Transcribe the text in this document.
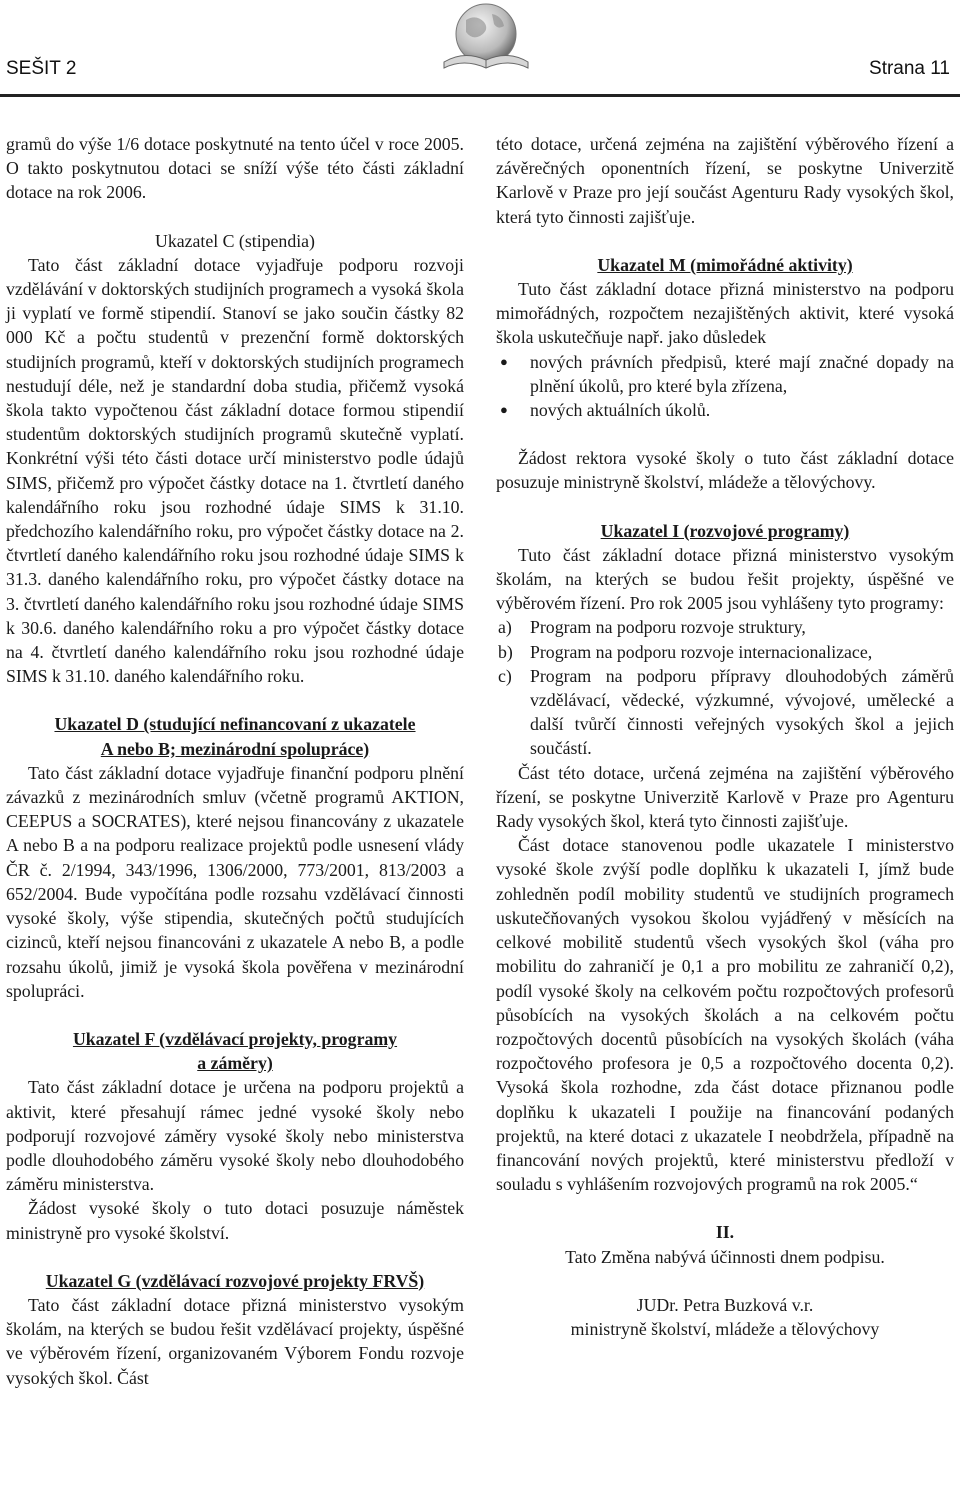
SEŠIT 2	Strana 11

gramů do výše 1/6 dotace poskytnuté na tento účel v roce 2005. O takto poskytnutou dotaci se sníží výše této části základní dotace na rok 2006.

Ukazatel C (stipendia)

Tato část základní dotace vyjadřuje podporu rozvoji vzdělávání v doktorských studijních programech a vysoká škola ji vyplatí ve formě stipendií. Stanoví se jako součin částky 82 000 Kč a počtu studentů v prezenční formě doktorských studijních programů, kteří v doktorských studijních programech nestudují déle, než je standardní doba studia, přičemž vysoká škola takto vypočtenou část základní dotace formou stipendií studentům doktorských studijních programů skutečně vyplatí. Konkrétní výši této části dotace určí ministerstvo podle údajů SIMS, přičemž pro výpočet částky dotace na 1. čtvrtletí daného kalendářního roku jsou rozhodné údaje SIMS k 31.10. předchozího kalendářního roku, pro výpočet částky dotace na 2. čtvrtletí daného kalendářního roku jsou rozhodné údaje SIMS k 31.3. daného kalendářního roku, pro výpočet částky dotace na 3. čtvrtletí daného kalendářního roku jsou rozhodné údaje SIMS k 30.6. daného kalendářního roku a pro výpočet částky dotace na 4. čtvrtletí daného kalendářního roku jsou rozhodné údaje SIMS k 31.10. daného kalendářního roku.

Ukazatel D (studující nefinancovaní z ukazatele
A nebo B; mezinárodní spolupráce)

Tato část základní dotace vyjadřuje finanční podporu plnění závazků z mezinárodních smluv (včetně programů AKTION, CEEPUS a SOCRATES), které nejsou financovány z ukazatele A nebo B a na podporu realizace projektů podle usnesení vlády ČR č. 2/1994, 343/1996, 1306/2000, 773/2001, 813/2003 a 652/2004. Bude vypočítána podle rozsahu vzdělávací činnosti vysoké školy, výše stipendia, skutečných počtů studujících cizinců, kteří nejsou financováni z ukazatele A nebo B, a podle rozsahu úkolů, jimiž je vysoká škola pověřena v mezinárodní spolupráci.

Ukazatel F (vzdělávací projekty, programy
a záměry)

Tato část základní dotace je určena na podporu projektů a aktivit, které přesahují rámec jedné vysoké školy nebo podporují rozvojové záměry vysoké školy nebo ministerstva podle dlouhodobého záměru vysoké školy nebo dlouhodobého záměru ministerstva.

Žádost vysoké školy o tuto dotaci posuzuje náměstek ministryně pro vysoké školství.

Ukazatel G (vzdělávací rozvojové projekty FRVŠ)

Tato část základní dotace přizná ministerstvo vysokým školám, na kterých se budou řešit vzdělávací projekty, úspěšné ve výběrovém řízení, organizovaném Výborem Fondu rozvoje vysokých škol. Část

této dotace, určená zejména na zajištění výběrového řízení a závěrečných oponentních řízení, se poskytne Univerzitě Karlově v Praze pro její součást Agenturu Rady vysokých škol, která tyto činnosti zajišťuje.

Ukazatel M (mimořádné aktivity)

Tuto část základní dotace přizná ministerstvo na podporu mimořádných, rozpočtem nezajištěných aktivit, které vysoká škola uskutečňuje např. jako důsledek

● nových právních předpisů, které mají značné dopady na plnění úkolů, pro které byla zřízena,
● nových aktuálních úkolů.

Žádost rektora vysoké školy o tuto část základní dotace posuzuje ministryně školství, mládeže a tělovýchovy.

Ukazatel I (rozvojové programy)

Tuto část základní dotace přizná ministerstvo vysokým školám, na kterých se budou řešit projekty, úspěšné ve výběrovém řízení. Pro rok 2005 jsou vyhlášeny tyto programy:

a) Program na podporu rozvoje struktury,
b) Program na podporu rozvoje internacionalizace,
c) Program na podporu přípravy dlouhodobých záměrů vzdělávací, vědecké, výzkumné, vývojové, umělecké a další tvůrčí činnosti veřejných vysokých škol a jejich součástí.

Část této dotace, určená zejména na zajištění výběrového řízení, se poskytne Univerzitě Karlově v Praze pro Agenturu Rady vysokých škol, která tyto činnosti zajišťuje.

Část dotace stanovenou podle ukazatele I ministerstvo vysoké škole zvýší podle doplňku k ukazateli I, jímž bude zohledněn podíl mobility studentů ve studijních programech uskutečňovaných vysokou školou vyjádřený v měsících na celkové mobilitě studentů všech vysokých škol (váha pro mobilitu do zahraničí je 0,1 a pro mobilitu ze zahraničí 0,2), podíl vysoké školy na celkovém počtu rozpočtových profesorů působících na vysokých školách a na celkovém počtu rozpočtových docentů působících na vysokých školách (váha rozpočtového profesora je 0,5 a rozpočtového docenta 0,2). Vysoká škola rozhodne, zda část dotace přiznanou podle doplňku k ukazateli I použije na financování podaných projektů, na které dotaci z ukazatele I neobdržela, případně na financování nových projektů, které ministerstvu předloží v souladu s vyhlášením rozvojových programů na rok 2005.“

II.

Tato Změna nabývá účinnosti dnem podpisu.

JUDr. Petra Buzková v.r.

ministryně školství, mládeže a tělovýchovy
